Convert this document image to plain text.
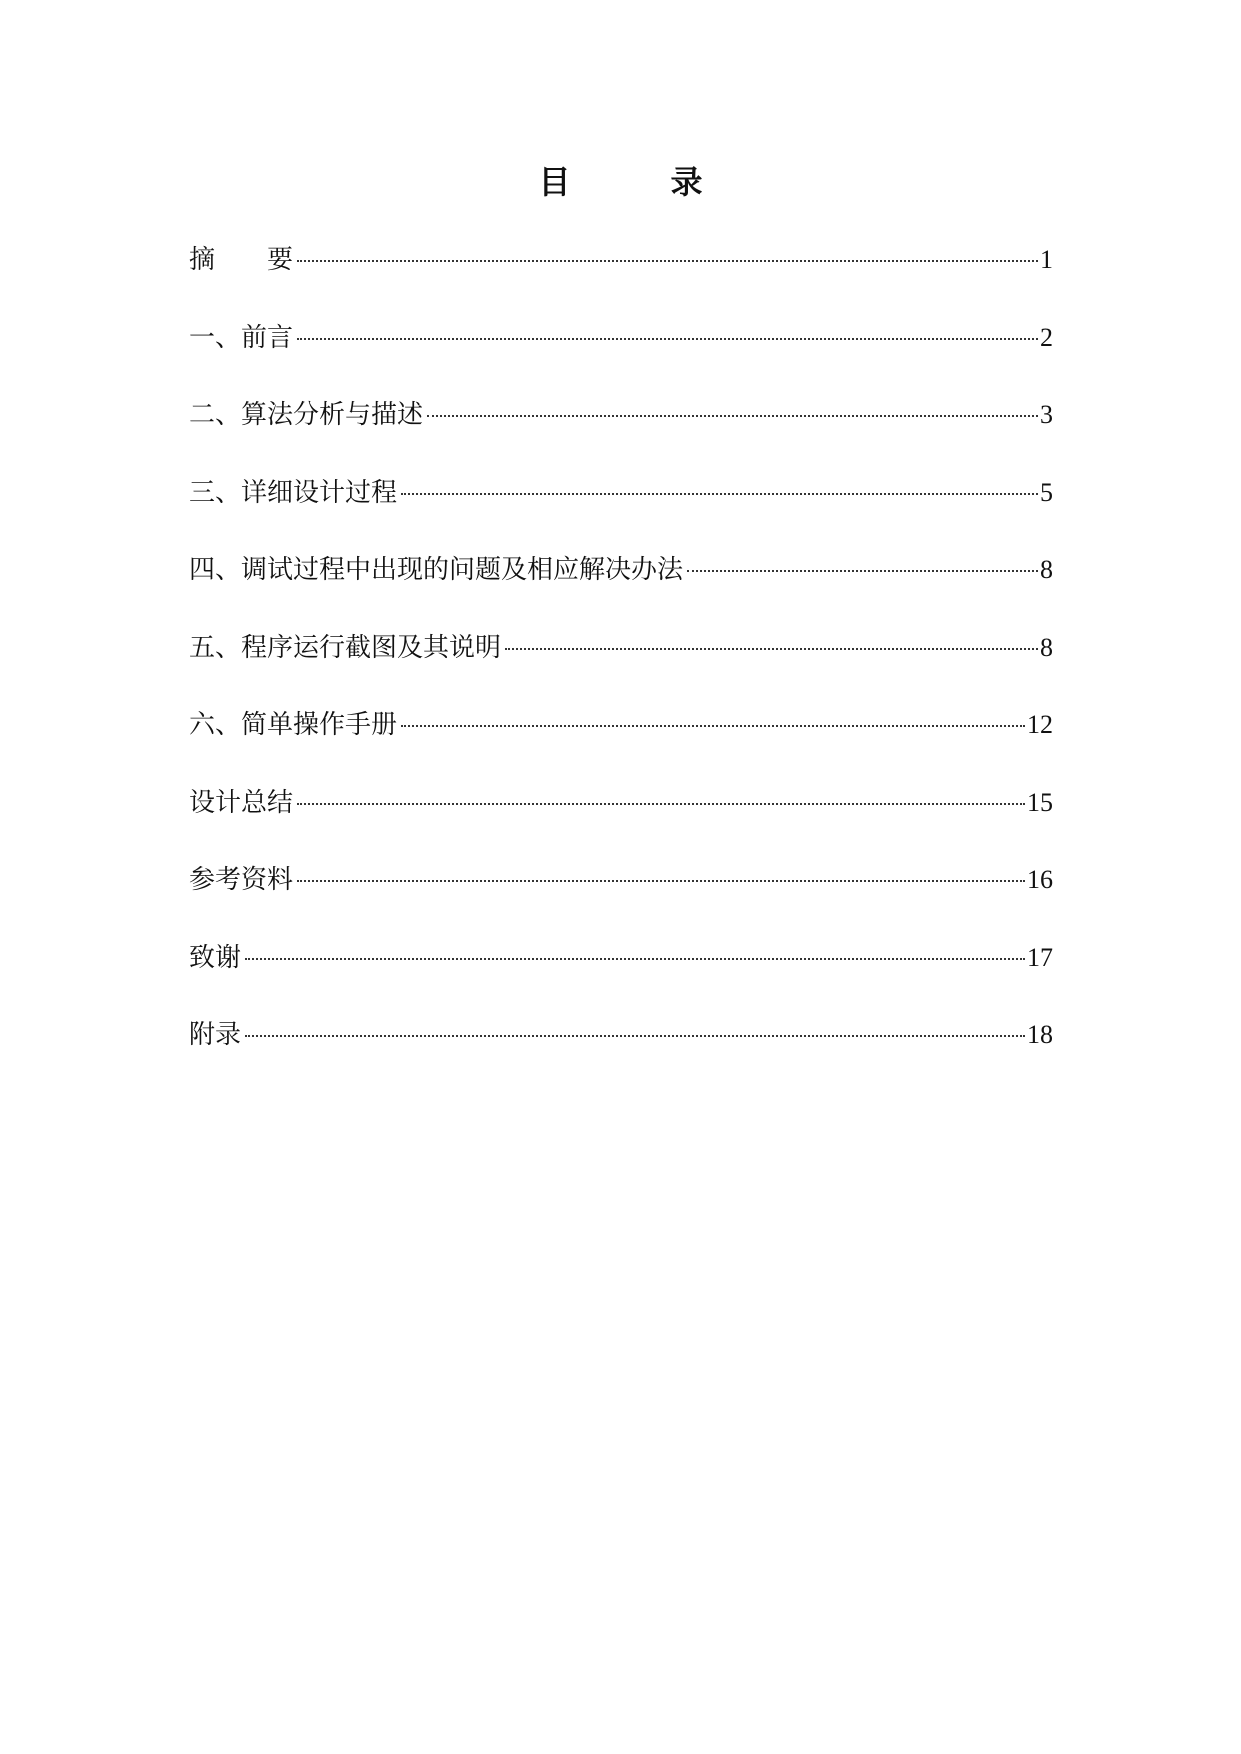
目　录
摘　　要	1
一、前言	2
二、算法分析与描述	3
三、详细设计过程	5
四、调试过程中出现的问题及相应解决办法	8
五、程序运行截图及其说明	8
六、简单操作手册	12
设计总结	15
参考资料	16
致谢	17
附录	18
